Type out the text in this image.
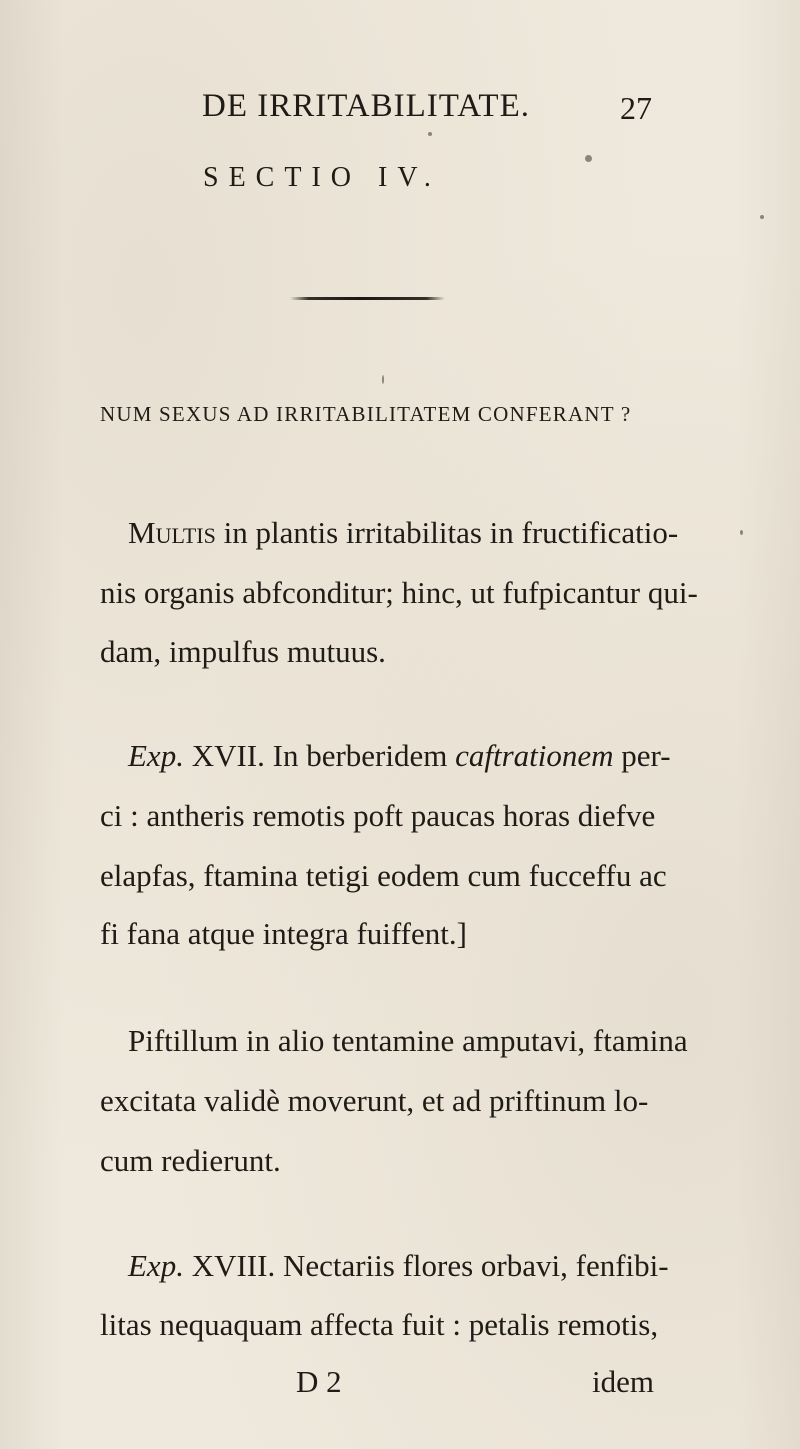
DE IRRITABILITATE.	27
SECTIO IV.
NUM SEXUS AD IRRITABILITATEM CONFERANT ?
Multis in plantis irritabilitas in fructificatio-
nis organis abfconditur; hinc, ut fufpicantur qui-
dam, impulfus mutuus.
Exp. XVII. In berberidem caftrationem per-
ci : antheris remotis poft paucas horas diefve
elapfas, ftamina tetigi eodem cum fucceffu ac
fi fana atque integra fuiffent.]
Piftillum in alio tentamine amputavi, ftamina
excitata validè moverunt, et ad priftinum lo-
cum redierunt.
Exp. XVIII. Nectariis flores orbavi, fenfibi-
litas nequaquam affecta fuit : petalis remotis,
D 2	idem
